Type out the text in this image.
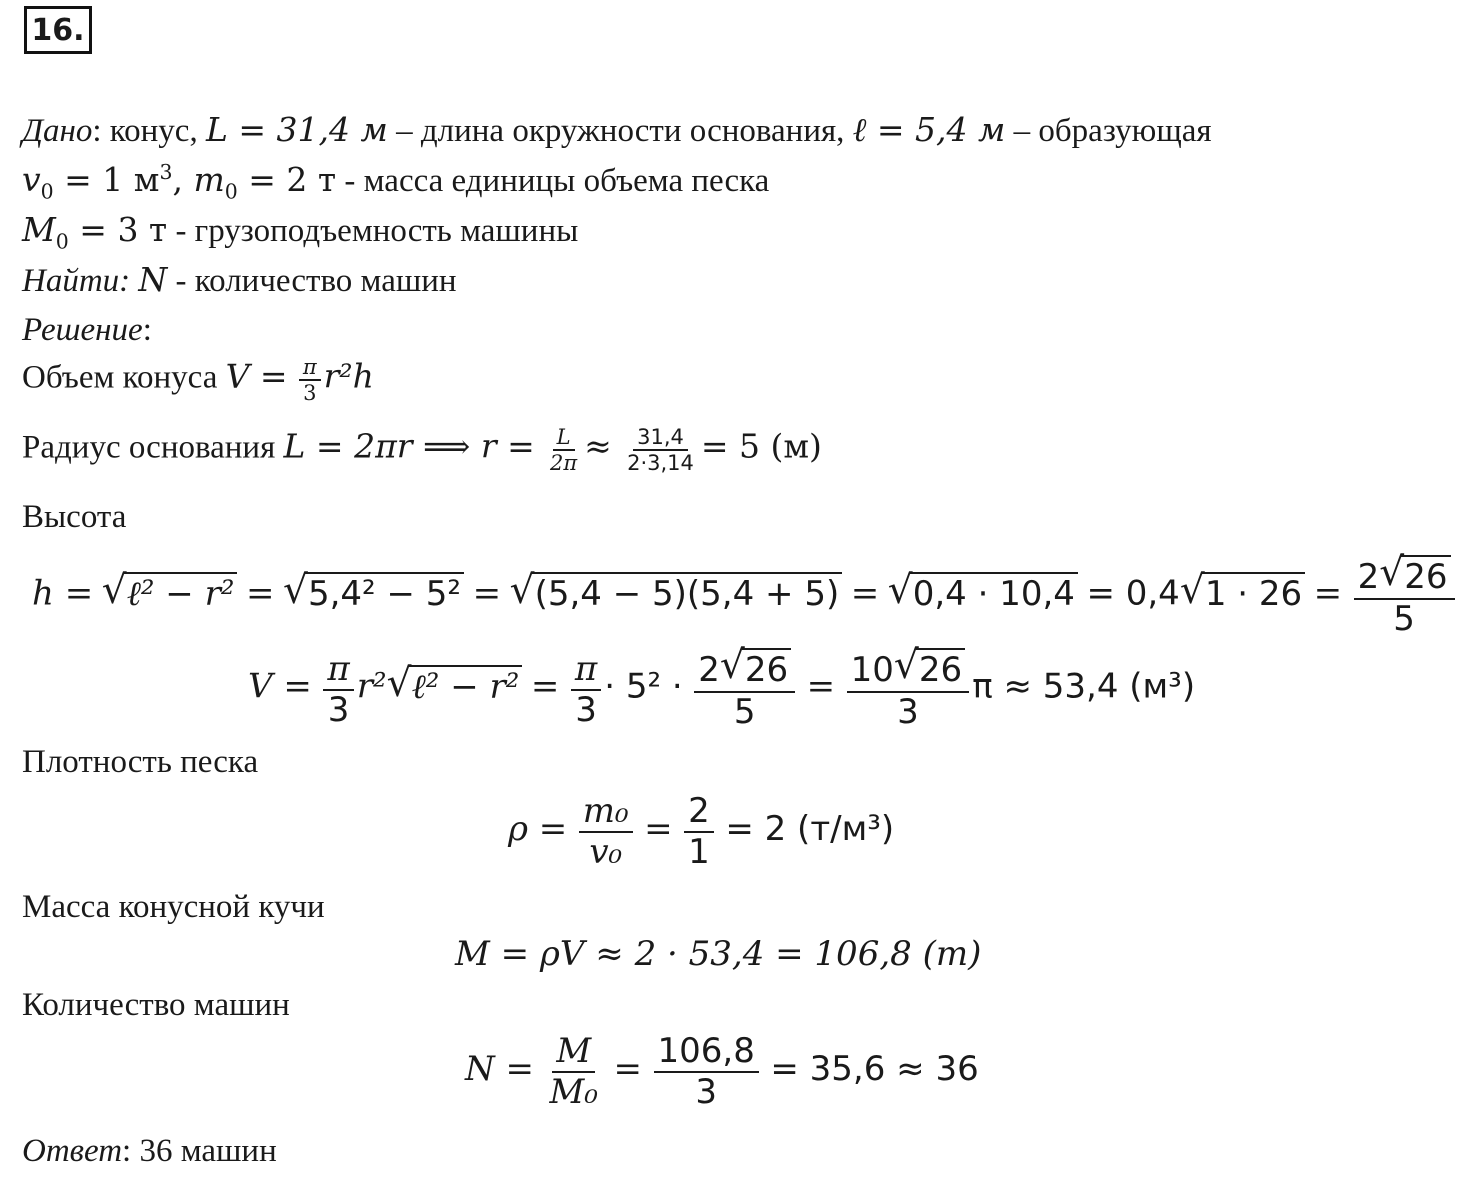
16.
Дано: конус, L = 31,4 м – длина окружности основания, ℓ = 5,4 м – образующая
$v_0 = 1$ $м^3$, $m_0 = 2$ т - масса единицы объема песка
$M_0 = 3$ т - грузоподъемность машины
Найти: N - количество машин
Решение:
Объем конуса $V = \frac{\pi}{3} r^2h$
Радиус основания L = 2πr ⟹ $r = \frac{L}{2\pi} \approx \frac{31,4}{2\cdot 3,14} = 5$ (м)
Высота
h = √ ℓ² − r² = √ 5,4² − 5² = √ (5,4 − 5)(5,4 + 5) = √ 0,4 · 10,4 = 0,4√ $1 \cdot 26 = \frac{2√ 26}{5}$
$V = \frac{\pi}{3} r^2√$ ℓ² − $r^2 = \frac{\pi}{3} \cdot 5^2 \cdot \frac{2√ 26}{5} = \frac{10√ 26}{3}$ π ≈ 53,4 (м³)
Плотность песка
$\rho = \frac{\text{m₀}}{\text{v₀}} = \frac{2}{1} = 2$ (т/м³)
Масса конусной кучи
M = ρV ≈ 2 · 53,4 = 106,8 (т)
Количество машин
$N = \frac{M}{\text{M₀}} = \frac{106,8}{3} = 35,6 \approx 36$
Ответ: 36 машин
